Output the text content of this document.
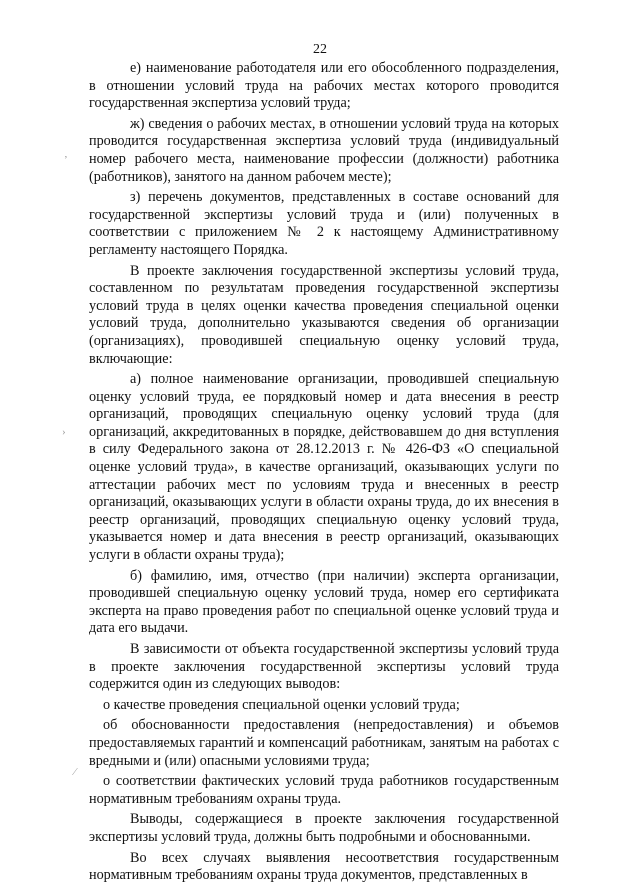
22
‚
›
⁄

е) наименование работодателя или его обособленного подразделения, в отношении условий труда на рабочих местах которого проводится государственная экспертиза условий труда;

ж) сведения о рабочих местах, в отношении условий труда на которых проводится государственная экспертиза условий труда (индивидуальный номер рабочего места, наименование профессии (должности) работника (работников), занятого на данном рабочем месте);

з) перечень документов, представленных в составе оснований для государственной экспертизы условий труда и (или) полученных в соответствии с приложением № 2 к настоящему Административному регламенту настоящего Порядка.

В проекте заключения государственной экспертизы условий труда, составленном по результатам проведения государственной экспертизы условий труда в целях оценки качества проведения специальной оценки условий труда, дополнительно указываются сведения об организации (организациях), проводившей специальную оценку условий труда, включающие:

а) полное наименование организации, проводившей специальную оценку условий труда, ее порядковый номер и дата внесения в реестр организаций, проводящих специальную оценку условий труда (для организаций, аккредитованных в порядке, действовавшем до дня вступления в силу Федерального закона от 28.12.2013 г. № 426-ФЗ «О специальной оценке условий труда», в качестве организаций, оказывающих услуги по аттестации рабочих мест по условиям труда и внесенных в реестр организаций, оказывающих услуги в области охраны труда, до их внесения в реестр организаций, проводящих специальную оценку условий труда, указывается номер и дата внесения в реестр организаций, оказывающих услуги в области охраны труда);

б) фамилию, имя, отчество (при наличии) эксперта организации, проводившей специальную оценку условий труда, номер его сертификата эксперта на право проведения работ по специальной оценке условий труда и дата его выдачи.

В зависимости от объекта государственной экспертизы условий труда в проекте заключения государственной экспертизы условий труда содержится один из следующих выводов:

о качестве проведения специальной оценки условий труда;

об обоснованности предоставления (непредоставления) и объемов предоставляемых гарантий и компенсаций работникам, занятым на работах с вредными и (или) опасными условиями труда;

о соответствии фактических условий труда работников государственным нормативным требованиям охраны труда.

Выводы, содержащиеся в проекте заключения государственной экспертизы условий труда, должны быть подробными и обоснованными.

Во всех случаях выявления несоответствия государственным нормативным требованиям охраны труда документов, представленных в
